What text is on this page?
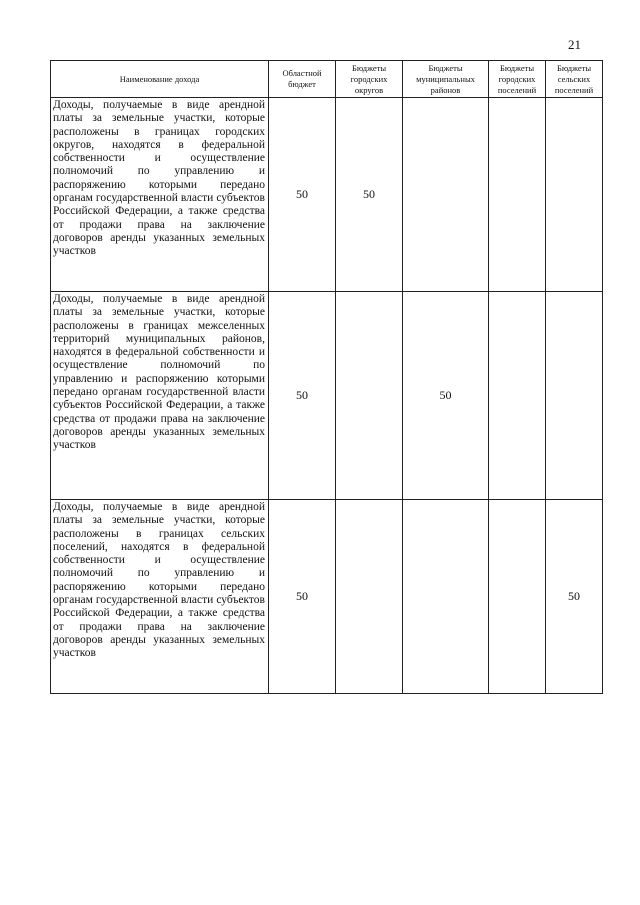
21
Наименование дохода	Областной бюджет	Бюджеты городских округов	Бюджеты муниципальных районов	Бюджеты городских поселений	Бюджеты сельских поселений
Доходы, получаемые в виде арендной платы за земельные участки, которые расположены в границах городских округов, находятся в федеральной собственности и осуществление полномочий по управлению и распоряжению которыми передано органам государственной власти субъектов Российской Федерации, а также средства от продажи права на заключение договоров аренды указанных земельных участков	50	50			
Доходы, получаемые в виде арендной платы за земельные участки, которые расположены в границах межселенных территорий муниципальных районов, находятся в федеральной собственности и осуществление полномочий по управлению и распоряжению которыми передано органам государственной власти субъектов Российской Федерации, а также средства от продажи права на заключение договоров аренды указанных земельных участков	50		50		
Доходы, получаемые в виде арендной платы за земельные участки, которые расположены в границах сельских поселений, находятся в федеральной собственности и осуществление полномочий по управлению и распоряжению которыми передано органам государственной власти субъектов Российской Федерации, а также средства от продажи права на заключение договоров аренды указанных земельных участков	50				50
